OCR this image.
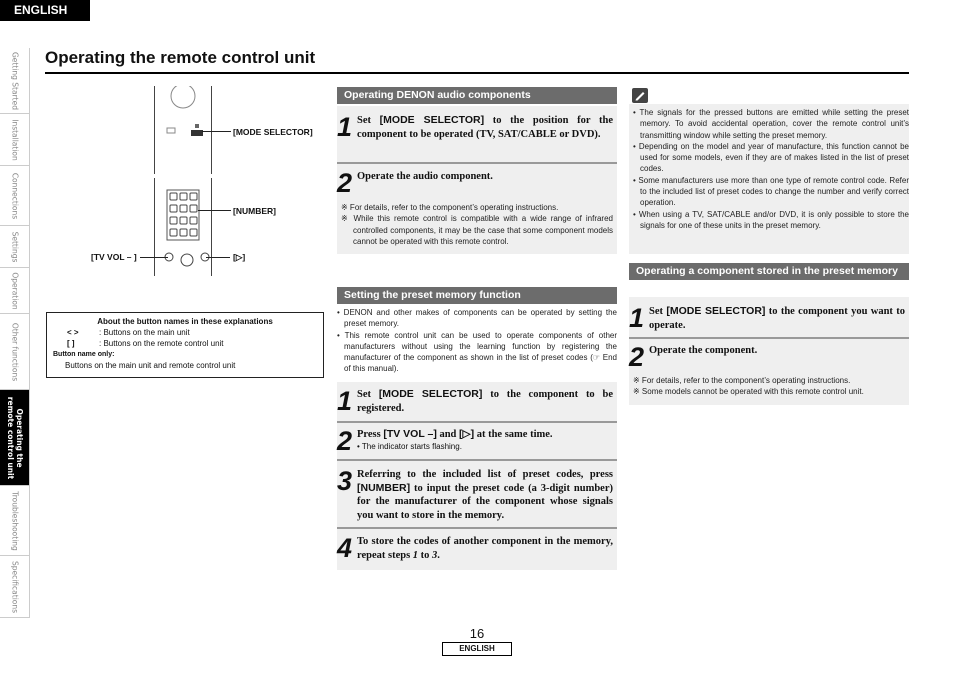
ENGLISH
Getting Started
Installation
Connections
Settings
Operation
Other functions
Operating the remote control unit
Troubleshooting
Specifications
Operating the remote control unit
[MODE SELECTOR]
[NUMBER]
[TV VOL – ]	[▷]
About the button names in these explanations
< >	: Buttons on the main unit
[ ]	: Buttons on the remote control unit
Button name only:
Buttons on the main unit and remote control unit
Operating DENON audio components
1 Set [MODE SELECTOR] to the position for the component to be operated (TV, SAT/CABLE or DVD).
2 Operate the audio component.
※ For details, refer to the component’s operating instructions.
※ While this remote control is compatible with a wide range of infrared controlled components, it may be the case that some component models cannot be operated with this remote control.
Setting the preset memory function
• DENON and other makes of components can be operated by setting the preset memory.
• This remote control unit can be used to operate components of other manufacturers without using the learning function by registering the manufacturer of the component as shown in the list of preset codes (☞ End of this manual).
1 Set [MODE SELECTOR] to the component to be registered.
2 Press [TV VOL –] and [▷] at the same time.
• The indicator starts flashing.
3 Referring to the included list of preset codes, press [NUMBER] to input the preset code (a 3-digit number) for the manufacturer of the component whose signals you want to store in the memory.
4 To store the codes of another component in the memory, repeat steps 1 to 3.
• The signals for the pressed buttons are emitted while setting the preset memory. To avoid accidental operation, cover the remote control unit’s transmitting window while setting the preset memory.
• Depending on the model and year of manufacture, this function cannot be used for some models, even if they are of makes listed in the list of preset codes.
• Some manufacturers use more than one type of remote control code. Refer to the included list of preset codes to change the number and verify correct operation.
• When using a TV, SAT/CABLE and/or DVD, it is only possible to store the signals for one of these units in the preset memory.
Operating a component stored in the preset memory
1 Set [MODE SELECTOR] to the component you want to operate.
2 Operate the component.
※ For details, refer to the component’s operating instructions.
※ Some models cannot be operated with this remote control unit.
16
ENGLISH
